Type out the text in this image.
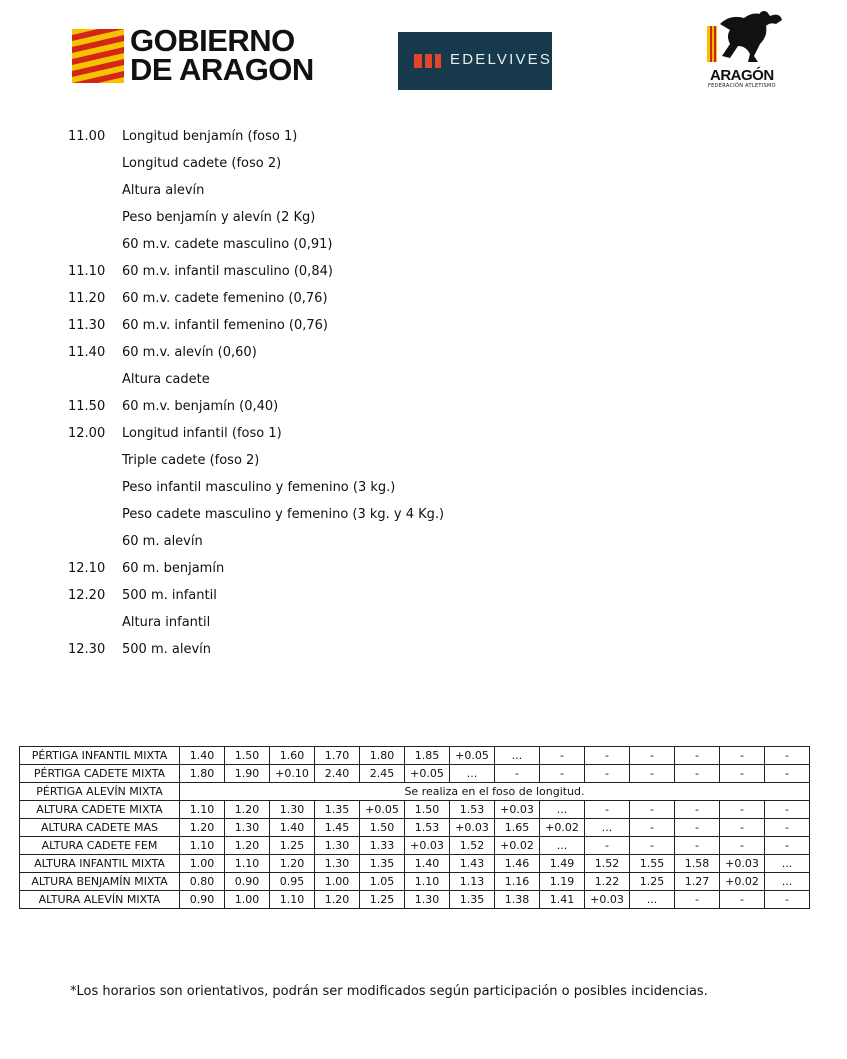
GOBIERNO
DE ARAGON	EDELVIVES
ARAGÓN
FEDERACIÓN ATLETISMO
11.00 Longitud benjamín (foso 1)
Longitud cadete (foso 2)
Altura alevín
Peso benjamín y alevín (2 Kg)
60 m.v. cadete masculino (0,91)
11.10 60 m.v. infantil masculino (0,84)
11.20 60 m.v. cadete femenino (0,76)
11.30 60 m.v. infantil femenino (0,76)
11.40 60 m.v. alevín (0,60)
Altura cadete
11.50 60 m.v. benjamín (0,40)
12.00 Longitud infantil (foso 1)
Triple cadete (foso 2)
Peso infantil masculino y femenino (3 kg.)
Peso cadete masculino y femenino (3 kg. y 4 Kg.)
60 m. alevín
12.10 60 m. benjamín
12.20 500 m. infantil
Altura infantil
12.30 500 m. alevín
PÉRTIGA INFANTIL MIXTA	1.40	1.50	1.60	1.70	1.80	1.85	+0.05	...	-	-	-	-	-	-
PÉRTIGA CADETE MIXTA	1.80	1.90	+0.10	2.40	2.45	+0.05	...	-	-	-	-	-	-	-
PÉRTIGA ALEVÍN MIXTA	Se realiza en el foso de longitud.													
ALTURA CADETE MIXTA	1.10	1.20	1.30	1.35	+0.05	1.50	1.53	+0.03	...	-	-	-	-	-
ALTURA CADETE MAS	1.20	1.30	1.40	1.45	1.50	1.53	+0.03	1.65	+0.02	...	-	-	-	-
ALTURA CADETE FEM	1.10	1.20	1.25	1.30	1.33	+0.03	1.52	+0.02	...	-	-	-	-	-
ALTURA INFANTIL MIXTA	1.00	1.10	1.20	1.30	1.35	1.40	1.43	1.46	1.49	1.52	1.55	1.58	+0.03	...
ALTURA BENJAMÍN MIXTA	0.80	0.90	0.95	1.00	1.05	1.10	1.13	1.16	1.19	1.22	1.25	1.27	+0.02	...
ALTURA ALEVÍN MIXTA	0.90	1.00	1.10	1.20	1.25	1.30	1.35	1.38	1.41	+0.03	...	-	-	-
*Los horarios son orientativos, podrán ser modificados según participación o posibles incidencias.
